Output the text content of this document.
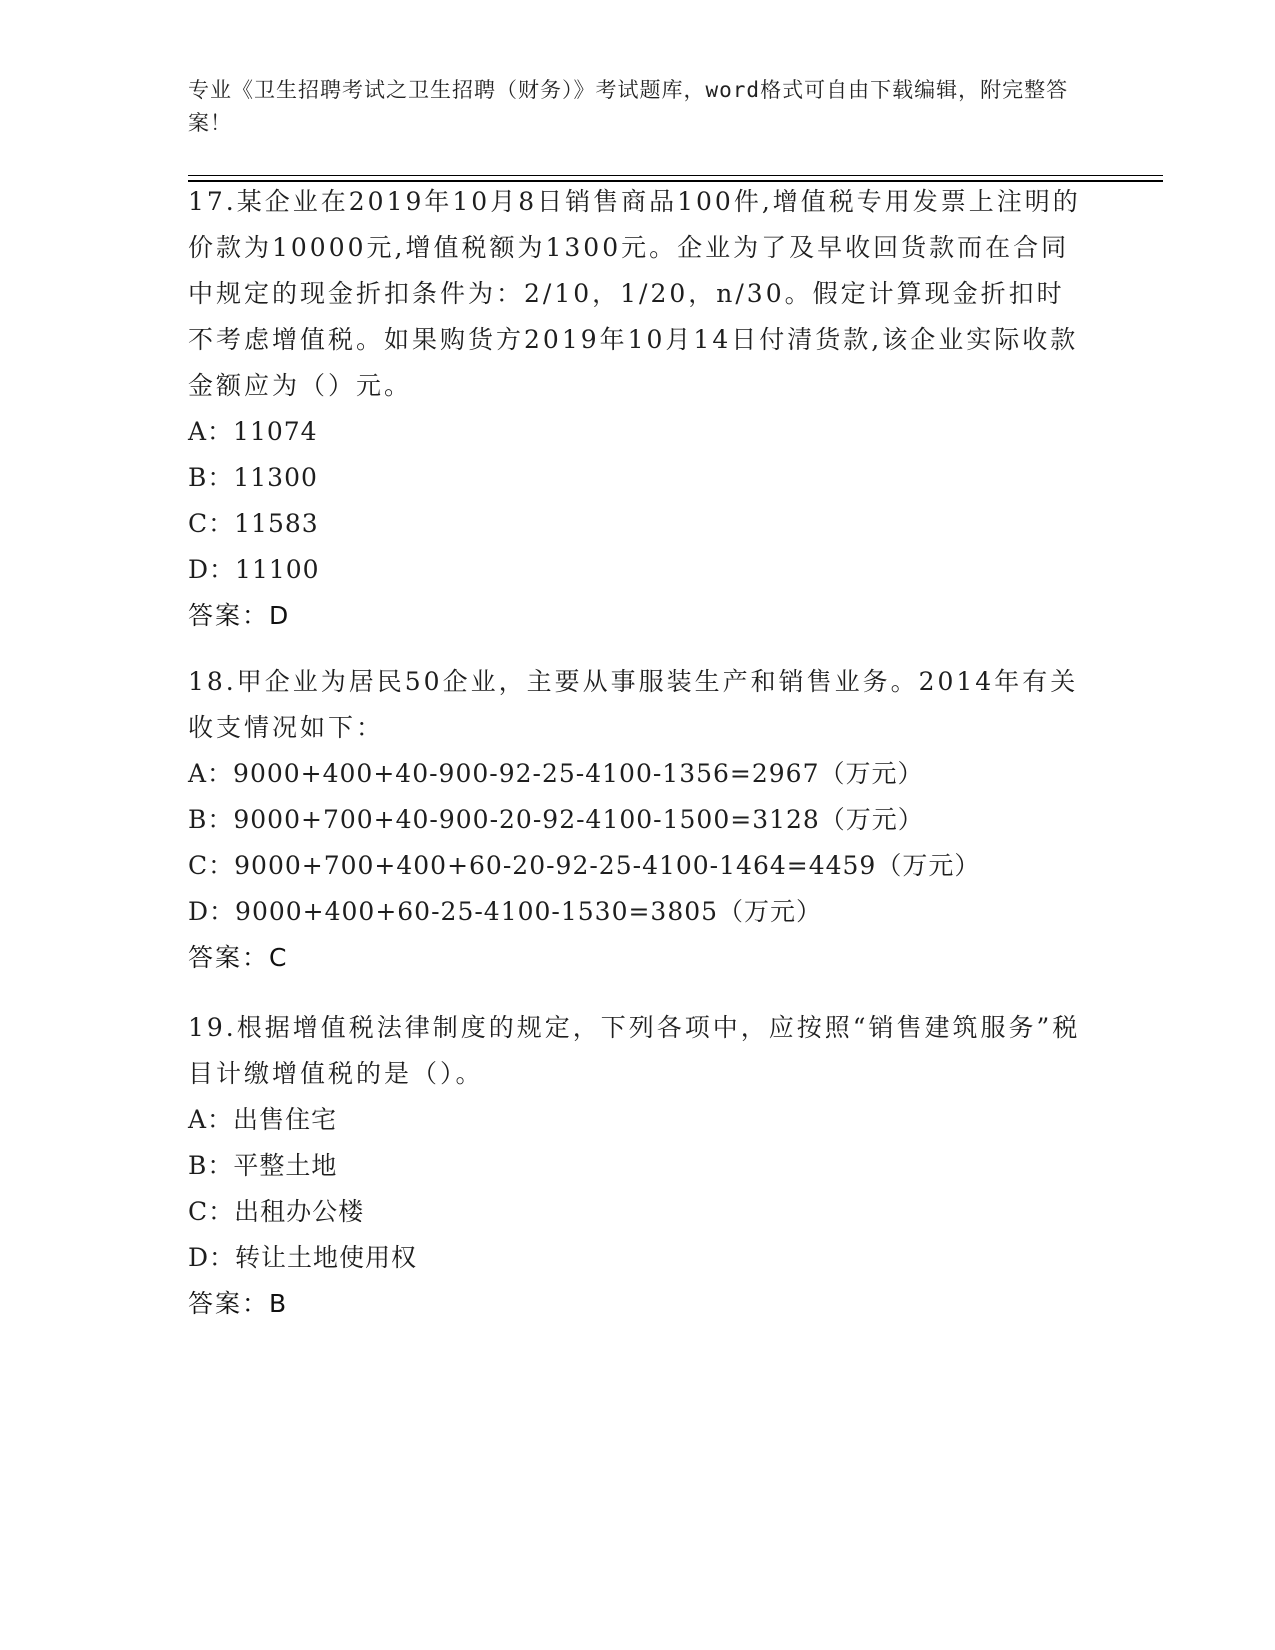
专业《卫生招聘考试之卫生招聘（财务）》考试题库，word格式可自由下载编辑，附完整答案！

17.某企业在2019年10月8日销售商品100件,增值税专用发票上注明的价款为10000元,增值税额为1300元。企业为了及早收回货款而在合同中规定的现金折扣条件为：2/10，1/20，n/30。假定计算现金折扣时不考虑增值税。如果购货方2019年10月14日付清货款,该企业实际收款金额应为（）元。

A：11074

B：11300

C：11583

D：11100

答案：D

18.甲企业为居民50企业，主要从事服装生产和销售业务。2014年有关收支情况如下：

A：9000+400+40-900-92-25-4100-1356=2967（万元）

B：9000+700+40-900-20-92-4100-1500=3128（万元）

C：9000+700+400+60-20-92-25-4100-1464=4459（万元）

D：9000+400+60-25-4100-1530=3805（万元）

答案：C

19.根据增值税法律制度的规定，下列各项中，应按照“销售建筑服务”税目计缴增值税的是（）。

A：出售住宅

B：平整土地

C：出租办公楼

D：转让土地使用权

答案：B
